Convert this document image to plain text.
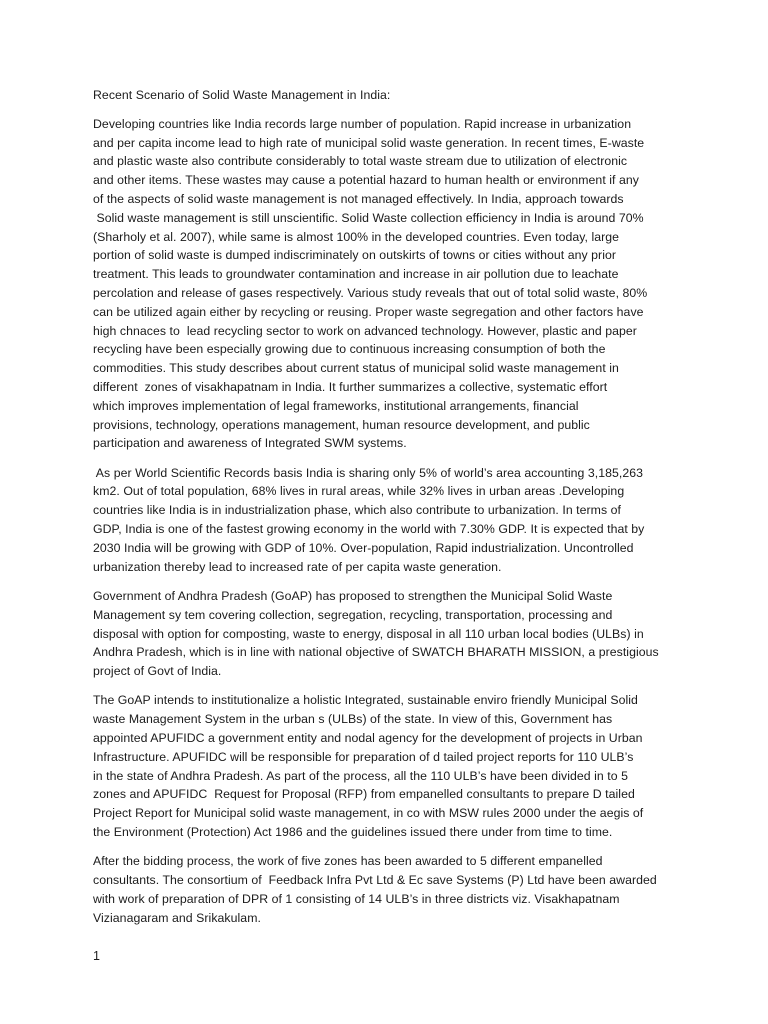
Recent Scenario of Solid Waste Management in India:
Developing countries like India records large number of population. Rapid increase in urbanization
and per capita income lead to high rate of municipal solid waste generation. In recent times, E-waste
and plastic waste also contribute considerably to total waste stream due to utilization of electronic
and other items. These wastes may cause a potential hazard to human health or environment if any
of the aspects of solid waste management is not managed effectively. In India, approach towards
Solid waste management is still unscientific. Solid Waste collection efficiency in India is around 70%
(Sharholy et al. 2007), while same is almost 100% in the developed countries. Even today, large
portion of solid waste is dumped indiscriminately on outskirts of towns or cities without any prior
treatment. This leads to groundwater contamination and increase in air pollution due to leachate
percolation and release of gases respectively. Various study reveals that out of total solid waste, 80%
can be utilized again either by recycling or reusing. Proper waste segregation and other factors have
high chnaces to  lead recycling sector to work on advanced technology. However, plastic and paper
recycling have been especially growing due to continuous increasing consumption of both the
commodities. This study describes about current status of municipal solid waste management in
different  zones of visakhapatnam in India. It further summarizes a collective, systematic effort
which improves implementation of legal frameworks, institutional arrangements, financial
provisions, technology, operations management, human resource development, and public
participation and awareness of Integrated SWM systems.
As per World Scientific Records basis India is sharing only 5% of world’s area accounting 3,185,263
km2. Out of total population, 68% lives in rural areas, while 32% lives in urban areas .Developing
countries like India is in industrialization phase, which also contribute to urbanization. In terms of
GDP, India is one of the fastest growing economy in the world with 7.30% GDP. It is expected that by
2030 India will be growing with GDP of 10%. Over-population, Rapid industrialization. Uncontrolled
urbanization thereby lead to increased rate of per capita waste generation.
Government of Andhra Pradesh (GoAP) has proposed to strengthen the Municipal Solid Waste
Management sy tem covering collection, segregation, recycling, transportation, processing and
disposal with option for composting, waste to energy, disposal in all 110 urban local bodies (ULBs) in
Andhra Pradesh, which is in line with national objective of SWATCH BHARATH MISSION, a prestigious
project of Govt of India.
The GoAP intends to institutionalize a holistic Integrated, sustainable enviro friendly Municipal Solid
waste Management System in the urban s (ULBs) of the state. In view of this, Government has
appointed APUFIDC a government entity and nodal agency for the development of projects in Urban
Infrastructure. APUFIDC will be responsible for preparation of d tailed project reports for 110 ULB’s
in the state of Andhra Pradesh. As part of the process, all the 110 ULB’s have been divided in to 5
zones and APUFIDC  Request for Proposal (RFP) from empanelled consultants to prepare D tailed
Project Report for Municipal solid waste management, in co with MSW rules 2000 under the aegis of
the Environment (Protection) Act 1986 and the guidelines issued there under from time to time.
After the bidding process, the work of five zones has been awarded to 5 different empanelled
consultants. The consortium of  Feedback Infra Pvt Ltd & Ec save Systems (P) Ltd have been awarded
with work of preparation of DPR of 1 consisting of 14 ULB’s in three districts viz. Visakhapatnam
Vizianagaram and Srikakulam.
1
